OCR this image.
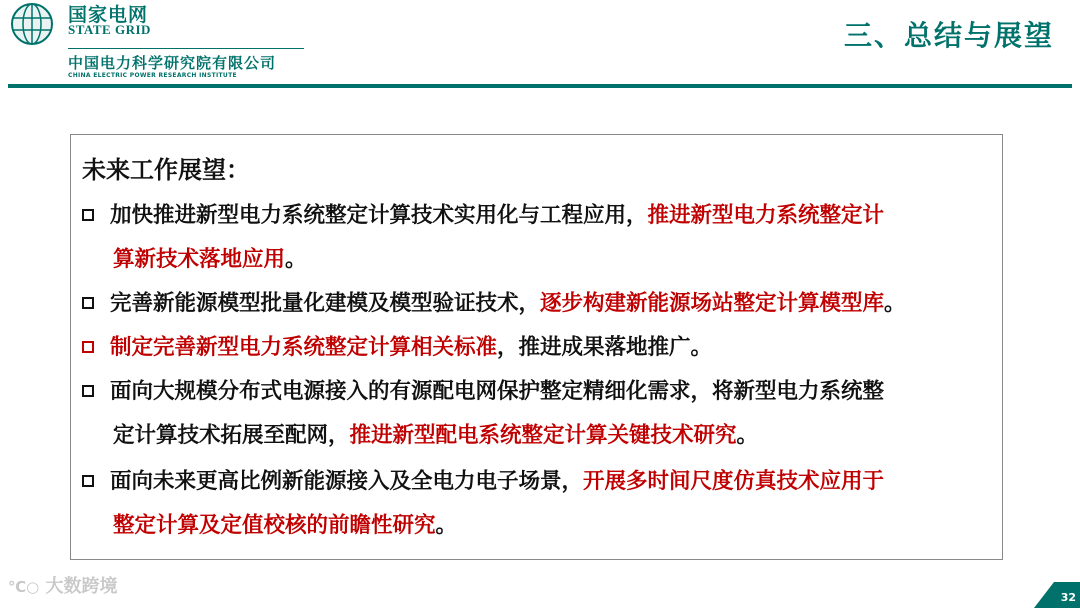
国家电网
STATE GRID
中国电力科学研究院有限公司
CHINA ELECTRIC POWER RESEARCH INSTITUTE
三、总结与展望
未来工作展望：
加快推进新型电力系统整定计算技术实用化与工程应用，推进新型电力系统整定计
算新技术落地应用。
完善新能源模型批量化建模及模型验证技术，逐步构建新能源场站整定计算模型库。
制定完善新型电力系统整定计算相关标准，推进成果落地推广。
面向大规模分布式电源接入的有源配电网保护整定精细化需求，将新型电力系统整
定计算技术拓展至配网，推进新型配电系统整定计算关键技术研究。
面向未来更高比例新能源接入及全电力电子场景，开展多时间尺度仿真技术应用于
整定计算及定值校核的前瞻性研究。
℃○ 大数跨境
32
